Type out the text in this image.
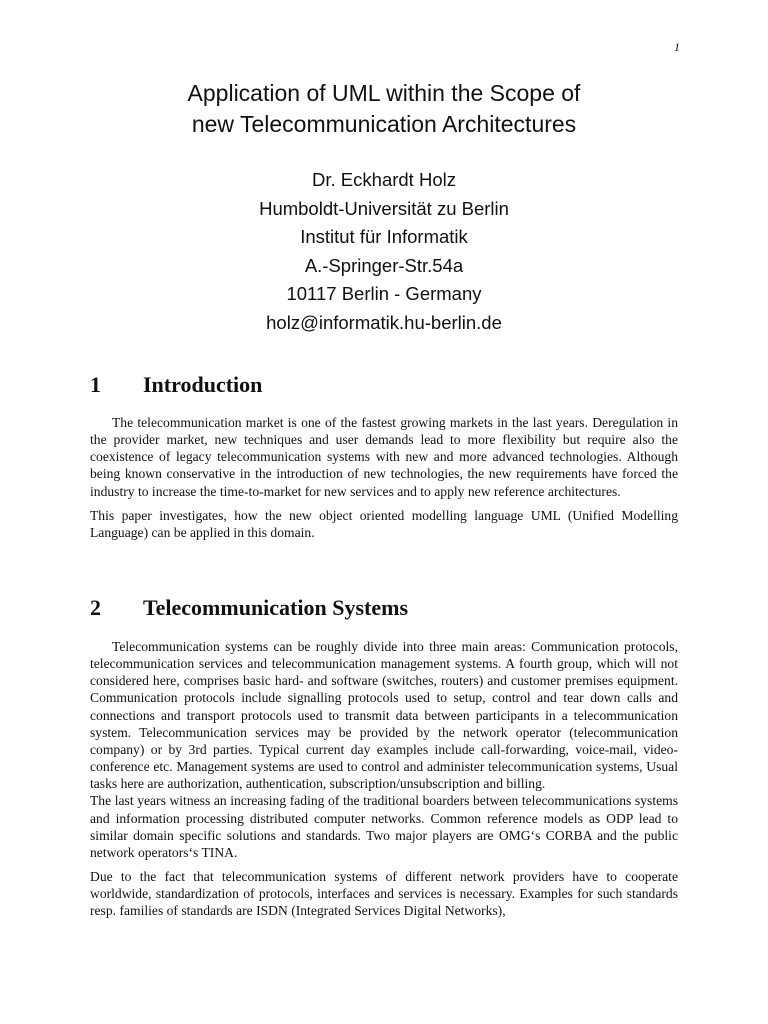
1
Application of UML within the Scope of
new Telecommunication Architectures
Dr. Eckhardt Holz
Humboldt-Universität zu Berlin
Institut für Informatik
A.-Springer-Str.54a
10117 Berlin - Germany
holz@informatik.hu-berlin.de
1 Introduction

The telecommunication market is one of the fastest growing markets in the last years. Deregulation in the provider market, new techniques and user demands lead to more flexibility but require also the coexistence of legacy telecommunication systems with new and more advanced technologies. Although being known conservative in the introduction of new technologies, the new requirements have forced the industry to increase the time-to-market for new services and to apply new reference architectures.

This paper investigates, how the new object oriented modelling language UML (Unified Modelling Language) can be applied in this domain.

2 Telecommunication Systems

Telecommunication systems can be roughly divide into three main areas: Communication protocols, telecommunication services and telecommunication management systems. A fourth group, which will not considered here, comprises basic hard- and software (switches, routers) and customer premises equipment. Communication protocols include signalling protocols used to setup, control and tear down calls and connections and transport protocols used to transmit data between participants in a telecommunication system. Telecommunication services may be provided by the network operator (telecommunication company) or by 3rd parties. Typical current day examples include call-forwarding, voice-mail, video-conference etc. Management systems are used to control and administer telecommunication systems, Usual tasks here are authorization, authentication, subscription/unsubscription and billing.

The last years witness an increasing fading of the traditional boarders between telecommunications systems and information processing distributed computer networks. Common reference models as ODP lead to similar domain specific solutions and standards. Two major players are OMG‘s CORBA and the public network operators‘s TINA.

Due to the fact that telecommunication systems of different network providers have to cooperate worldwide, standardization of protocols, interfaces and services is necessary. Examples for such standards resp. families of standards are ISDN (Integrated Services Digital Networks),
